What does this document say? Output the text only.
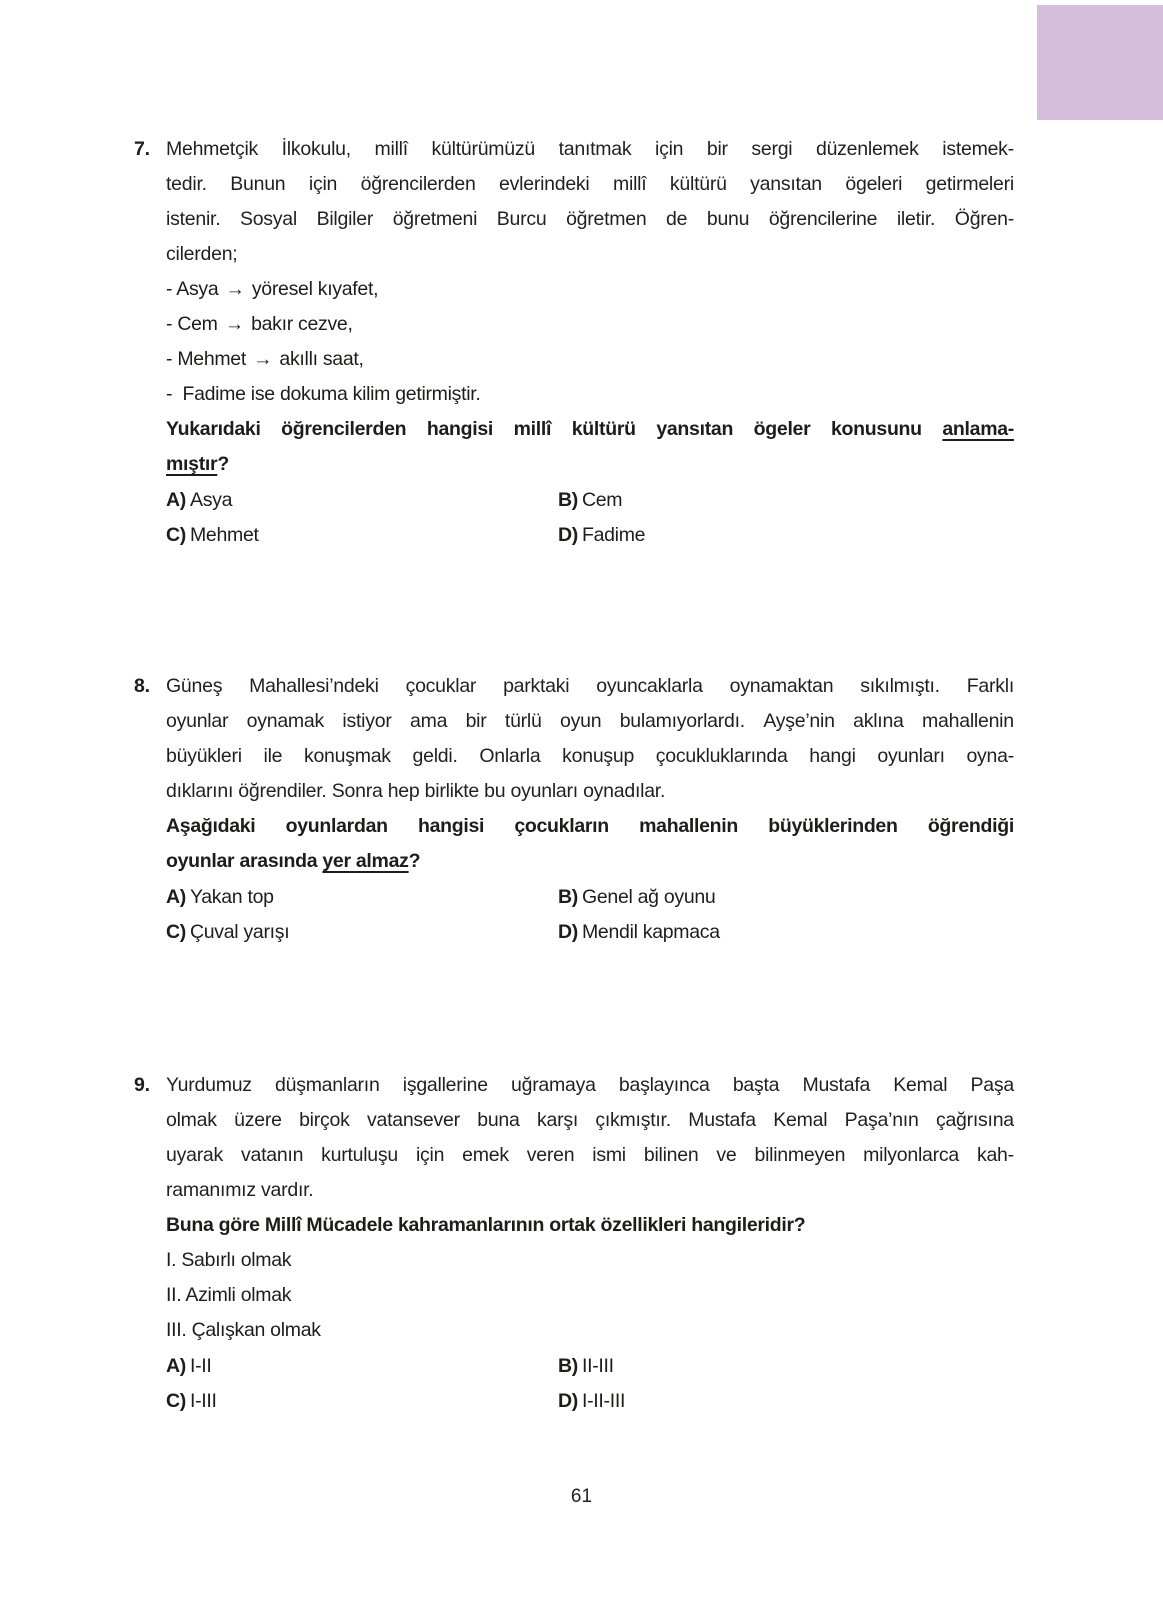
7. Mehmetçik İlkokulu, millî kültürümüzü tanıtmak için bir sergi düzenlemek istemek-
tedir. Bunun için öğrencilerden evlerindeki millî kültürü yansıtan ögeleri getirmeleri
istenir. Sosyal Bilgiler öğretmeni Burcu öğretmen de bunu öğrencilerine iletir. Öğren-
cilerden;
- Asya → yöresel kıyafet,
- Cem → bakır cezve,
- Mehmet → akıllı saat,
- Fadime ise dokuma kilim getirmiştir.
Yukarıdaki öğrencilerden hangisi millî kültürü yansıtan ögeler konusunu anlama-
mıştır?
A) Asya	B) Cem
C) Mehmet	D) Fadime
8. Güneş Mahallesi’ndeki çocuklar parktaki oyuncaklarla oynamaktan sıkılmıştı. Farklı
oyunlar oynamak istiyor ama bir türlü oyun bulamıyorlardı. Ayşe’nin aklına mahallenin
büyükleri ile konuşmak geldi. Onlarla konuşup çocukluklarında hangi oyunları oyna-
dıklarını öğrendiler. Sonra hep birlikte bu oyunları oynadılar.
Aşağıdaki oyunlardan hangisi çocukların mahallenin büyüklerinden öğrendiği
oyunlar arasında yer almaz?
A) Yakan top	B) Genel ağ oyunu
C) Çuval yarışı	D) Mendil kapmaca
9. Yurdumuz düşmanların işgallerine uğramaya başlayınca başta Mustafa Kemal Paşa
olmak üzere birçok vatansever buna karşı çıkmıştır. Mustafa Kemal Paşa’nın çağrısına
uyarak vatanın kurtuluşu için emek veren ismi bilinen ve bilinmeyen milyonlarca kah-
ramanımız vardır.
Buna göre Millî Mücadele kahramanlarının ortak özellikleri hangileridir?
I. Sabırlı olmak
II. Azimli olmak
III. Çalışkan olmak
A) I-II	B) II-III
C) I-III	D) I-II-III
61
